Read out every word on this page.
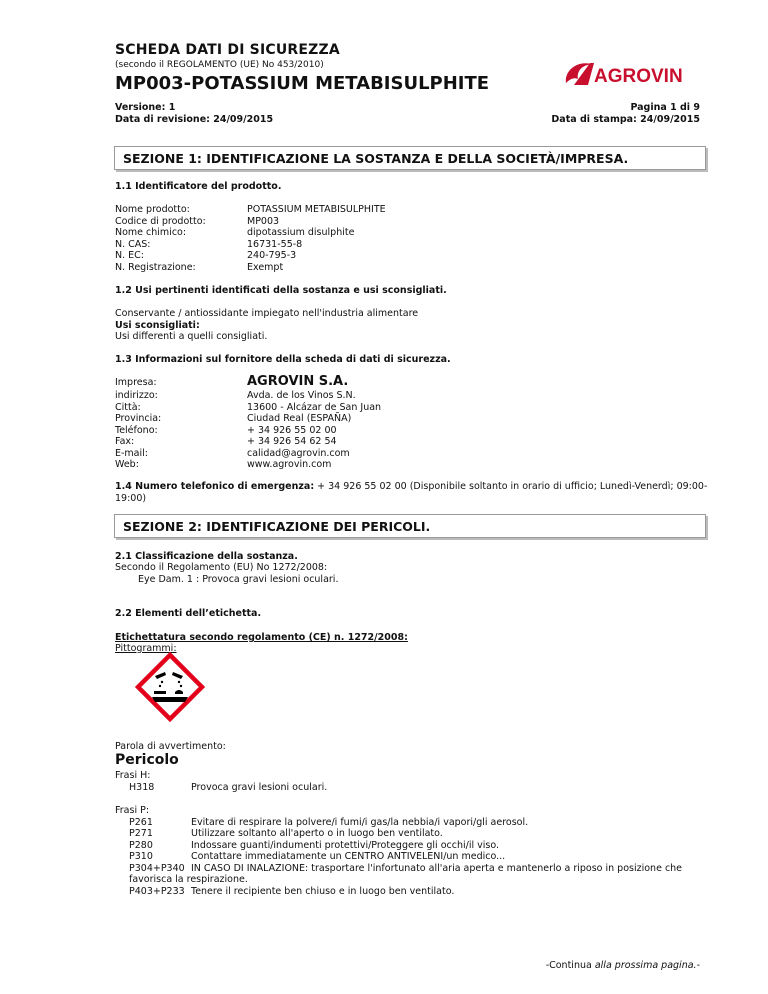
SCHEDA DATI DI SICUREZZA
(secondo il REGOLAMENTO (UE) No 453/2010)
MP003-POTASSIUM METABISULPHITE	AGROVIN
Versione: 1
Data di revisione: 24/09/2015
Pagina 1 di 9
Data di stampa: 24/09/2015
SEZIONE 1: IDENTIFICAZIONE LA SOSTANZA E DELLA SOCIETÀ/IMPRESA.
1.1 Identificatore del prodotto.
Nome prodotto:	POTASSIUM METABISULPHITE
Codice di prodotto:	MP003
Nome chimico:	dipotassium disulphite
N. CAS:	16731-55-8
N. EC:	240-795-3
N. Registrazione:	Exempt
1.2 Usi pertinenti identificati della sostanza e usi sconsigliati.
Conservante / antiossidante impiegato nell'industria alimentare
Usi sconsigliati:
Usi differenti a quelli consigliati.
1.3 Informazioni sul fornitore della scheda di dati di sicurezza.
Impresa:	AGROVIN S.A.
indirizzo:	Avda. de los Vinos S.N.
Città:	13600 - Alcázar de San Juan
Provincia:	Ciudad Real (ESPAÑA)
Teléfono:	+ 34 926 55 02 00
Fax:	+ 34 926 54 62 54
E-mail:	calidad@agrovin.com
Web:	www.agrovin.com
1.4 Numero telefonico di emergenza: + 34 926 55 02 00 (Disponibile soltanto in orario di ufficio; Lunedì-Venerdì; 09:00-
19:00)
SEZIONE 2: IDENTIFICAZIONE DEI PERICOLI.
2.1 Classificazione della sostanza.
Secondo il Regolamento (EU) No 1272/2008:
Eye Dam. 1 : Provoca gravi lesioni oculari.
2.2 Elementi dell’etichetta.
Etichettatura secondo regolamento (CE) n. 1272/2008:
Pittogrammi:
Parola di avvertimento:
Pericolo
Frasi H:
H318	Provoca gravi lesioni oculari.
Frasi P:
P261	Evitare di respirare la polvere/i fumi/i gas/la nebbia/i vapori/gli aerosol.
P271	Utilizzare soltanto all'aperto o in luogo ben ventilato.
P280	Indossare guanti/indumenti protettivi/Proteggere gli occhi/il viso.
P310	Contattare immediatamente un CENTRO ANTIVELENI/un medico...
P304+P340 IN CASO DI INALAZIONE: trasportare l'infortunato all'aria aperta e mantenerlo a riposo in posizione che
favorisca la respirazione.
P403+P233 Tenere il recipiente ben chiuso e in luogo ben ventilato.
-Continua alla prossima pagina.-
